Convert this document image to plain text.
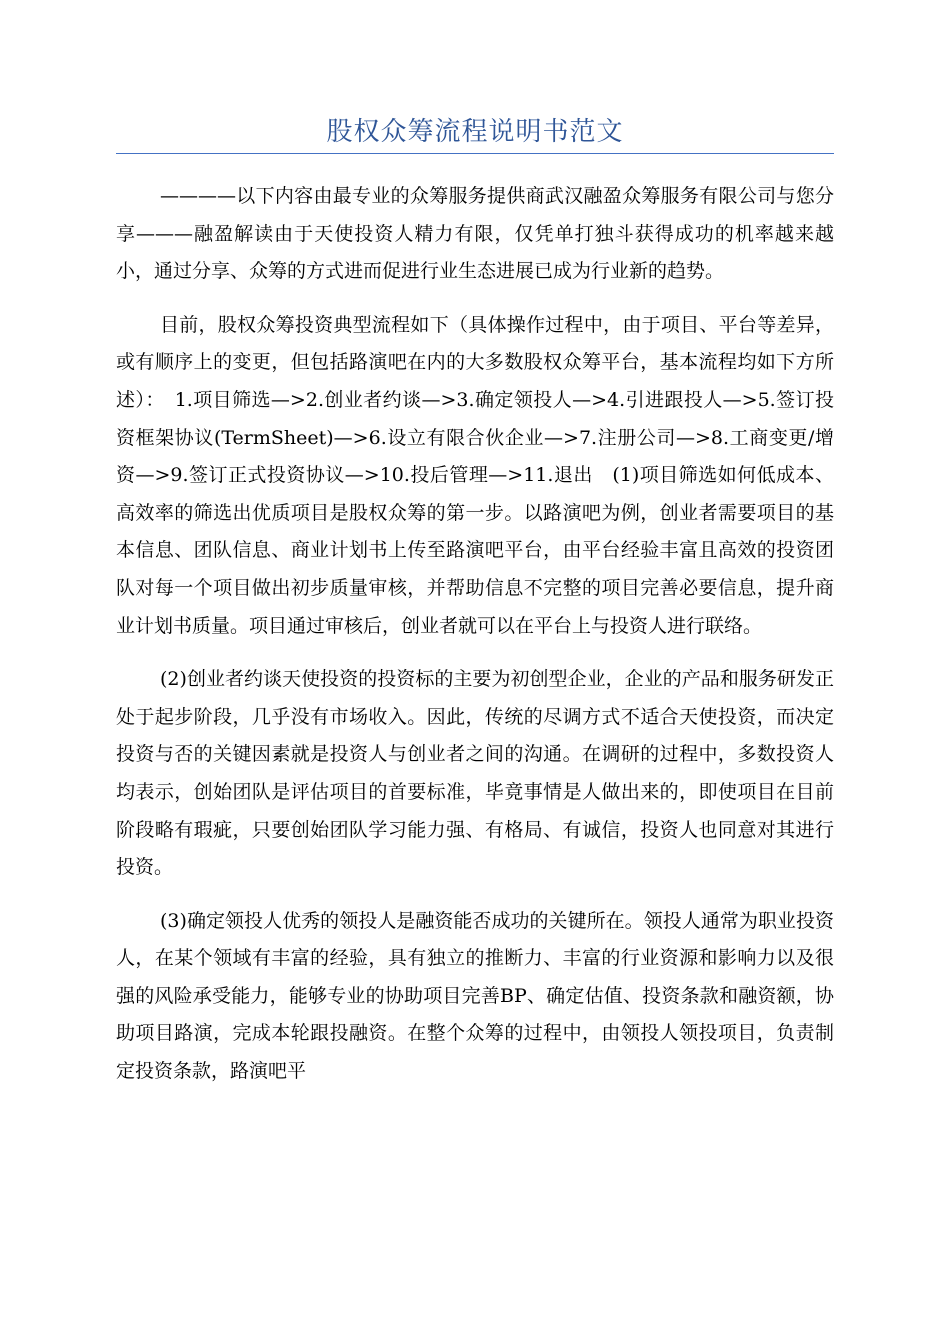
股权众筹流程说明书范文

————以下内容由最专业的众筹服务提供商武汉融盈众筹服务有限公司与您分享———融盈解读由于天使投资人精力有限，仅凭单打独斗获得成功的机率越来越小，通过分享、众筹的方式进而促进行业生态进展已成为行业新的趋势。

目前，股权众筹投资典型流程如下（具体操作过程中，由于项目、平台等差异，或有顺序上的变更，但包括路演吧在内的大多数股权众筹平台，基本流程均如下方所述）：　1.项目筛选—>2.创业者约谈—>3.确定领投人—>4.引进跟投人—>5.签订投资框架协议(TermSheet)—>6.设立有限合伙企业—>7.注册公司—>8.工商变更/增资—>9.签订正式投资协议—>10.投后管理—>11.退出　(1)项目筛选如何低成本、高效率的筛选出优质项目是股权众筹的第一步。以路演吧为例，创业者需要项目的基本信息、团队信息、商业计划书上传至路演吧平台，由平台经验丰富且高效的投资团队对每一个项目做出初步质量审核，并帮助信息不完整的项目完善必要信息，提升商业计划书质量。项目通过审核后，创业者就可以在平台上与投资人进行联络。

(2)创业者约谈天使投资的投资标的主要为初创型企业，企业的产品和服务研发正处于起步阶段，几乎没有市场收入。因此，传统的尽调方式不适合天使投资，而决定投资与否的关键因素就是投资人与创业者之间的沟通。在调研的过程中，多数投资人均表示，创始团队是评估项目的首要标准，毕竟事情是人做出来的，即使项目在目前阶段略有瑕疵，只要创始团队学习能力强、有格局、有诚信，投资人也同意对其进行投资。

(3)确定领投人优秀的领投人是融资能否成功的关键所在。领投人通常为职业投资人，在某个领域有丰富的经验，具有独立的推断力、丰富的行业资源和影响力以及很强的风险承受能力，能够专业的协助项目完善BP、确定估值、投资条款和融资额，协助项目路演，完成本轮跟投融资。在整个众筹的过程中，由领投人领投项目，负责制定投资条款，路演吧平
